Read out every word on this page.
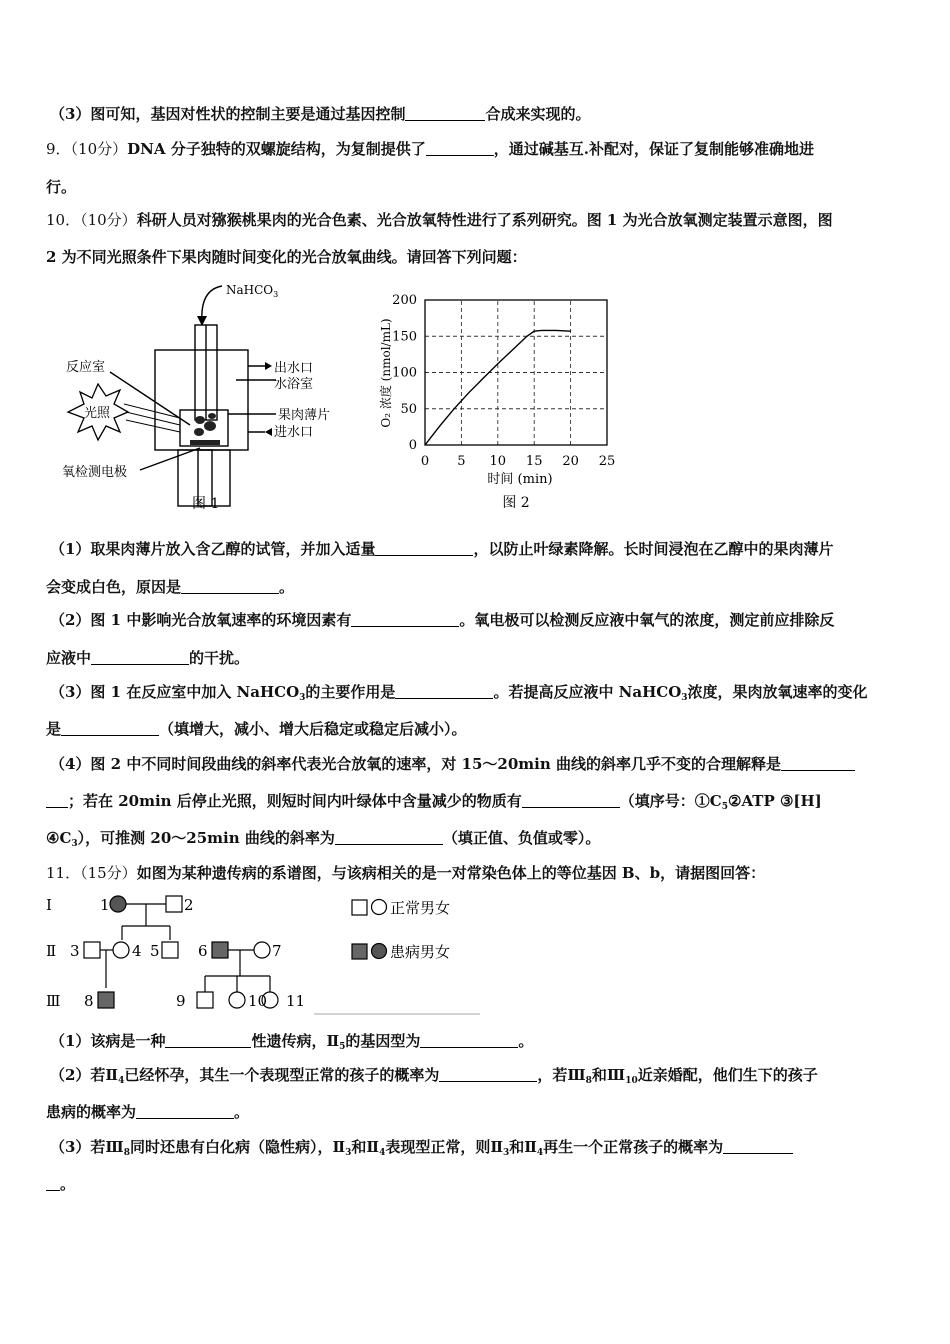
（3）图可知，基因对性状的控制主要是通过基因控制	合成来实现的。
9．（10分）DNA 分子独特的双螺旋结构，为复制提供了	，通过碱基互.补配对，保证了复制能够准确地进
行。
10．（10分）科研人员对猕猴桃果肉的光合色素、光合放氧特性进行了系列研究。图 1 为光合放氧测定装置示意图，图
2 为不同光照条件下果肉随时间变化的光合放氧曲线。请回答下列问题：
NaHCO$_3$
反应室
光照
出水口
水浴室
果肉薄片
进水口
氧检测电极
图 1
0
50
100
150
200
0 5 10 15 20 25
时间 (min)
O₂ 浓度 (nmol/mL)
图 2
（1）取果肉薄片放入含乙醇的试管，并加入适量	，以防止叶绿素降解。长时间浸泡在乙醇中的果肉薄片
会变成白色，原因是	。
（2）图 1 中影响光合放氧速率的环境因素有	。氧电极可以检测反应液中氧气的浓度，测定前应排除反
应液中	的干扰。
（3）图 1 在反应室中加入 NaHCO$_3$的主要作用是	。若提高反应液中 NaHCO$_3$浓度，果肉放氧速率的变化
是	（填增大，减小、增大后稳定或稳定后减小）。
（4）图 2 中不同时间段曲线的斜率代表光合放氧的速率，对 15～20min 曲线的斜率几乎不变的合理解释是
；若在 20min 后停止光照，则短时间内叶绿体中含量减少的物质有	（填序号：$①C_5②ATP$ ③[H]
$④C_3$），可推测 20～25min 曲线的斜率为	（填正值、负值或零）。
11．（15分）如图为某种遗传病的系谱图，与该病相关的是一对常染色体上的等位基因 B、b，请据图回答：
Ⅰ
Ⅱ
Ⅲ
1	2
3	4 5	6	7
8	9	10 11
正常男女
患病男女
（1）该病是一种	性遗传病，$Ⅱ_5$的基因型为	。
（2）若$Ⅱ_4$已经怀孕，其生一个表现型正常的孩子的概率为	，若$Ⅲ_8$和$Ⅲ_{10}$近亲婚配，他们生下的孩子
患病的概率为	。
（3）若$Ⅲ_8$同时还患有白化病（隐性病），$Ⅱ_3$和$Ⅱ_4$表现型正常，则$Ⅱ_3$和$Ⅱ_4$再生一个正常孩子的概率为
。
